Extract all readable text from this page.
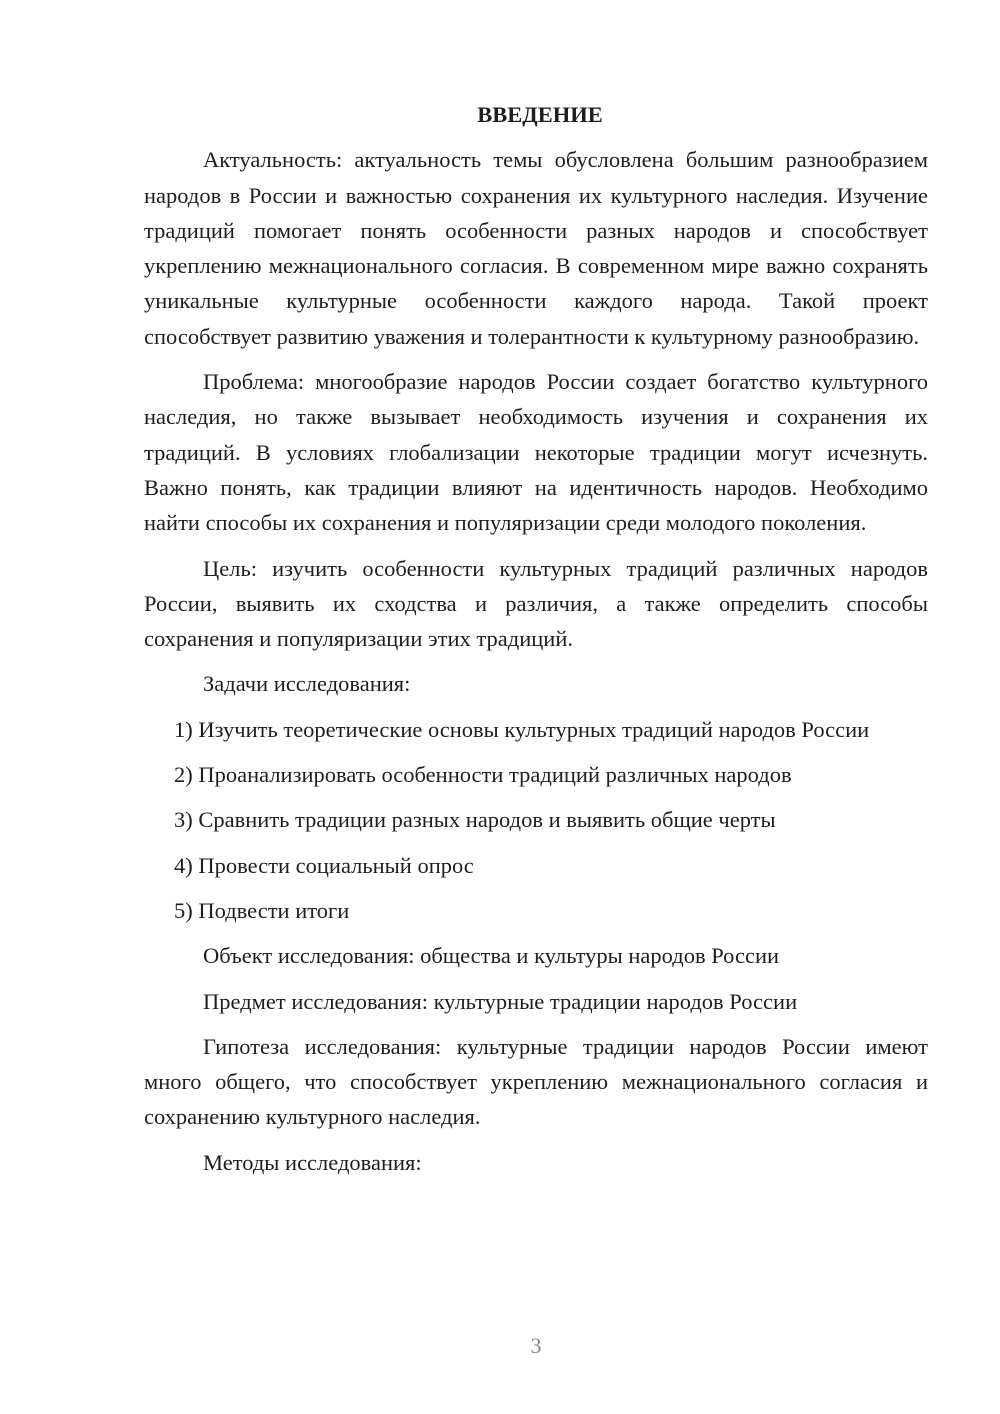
ВВЕДЕНИЕ

Актуальность: актуальность темы обусловлена большим разнообразием народов в России и важностью сохранения их культурного наследия. Изучение традиций помогает понять особенности разных народов и способствует укреплению межнационального согласия. В современном мире важно сохранять уникальные культурные особенности каждого народа. Такой проект способствует развитию уважения и толерантности к культурному разнообразию.

Проблема: многообразие народов России создает богатство культурного наследия, но также вызывает необходимость изучения и сохранения их традиций. В условиях глобализации некоторые традиции могут исчезнуть. Важно понять, как традиции влияют на идентичность народов. Необходимо найти способы их сохранения и популяризации среди молодого поколения.

Цель: изучить особенности культурных традиций различных народов России, выявить их сходства и различия, а также определить способы сохранения и популяризации этих традиций.

Задачи исследования:

1) Изучить теоретические основы культурных традиций народов России

2) Проанализировать особенности традиций различных народов

3) Сравнить традиции разных народов и выявить общие черты

4) Провести социальный опрос

5) Подвести итоги

Объект исследования: общества и культуры народов России

Предмет исследования: культурные традиции народов России

Гипотеза исследования: культурные традиции народов России имеют много общего, что способствует укреплению межнационального согласия и сохранению культурного наследия.

Методы исследования:

3
